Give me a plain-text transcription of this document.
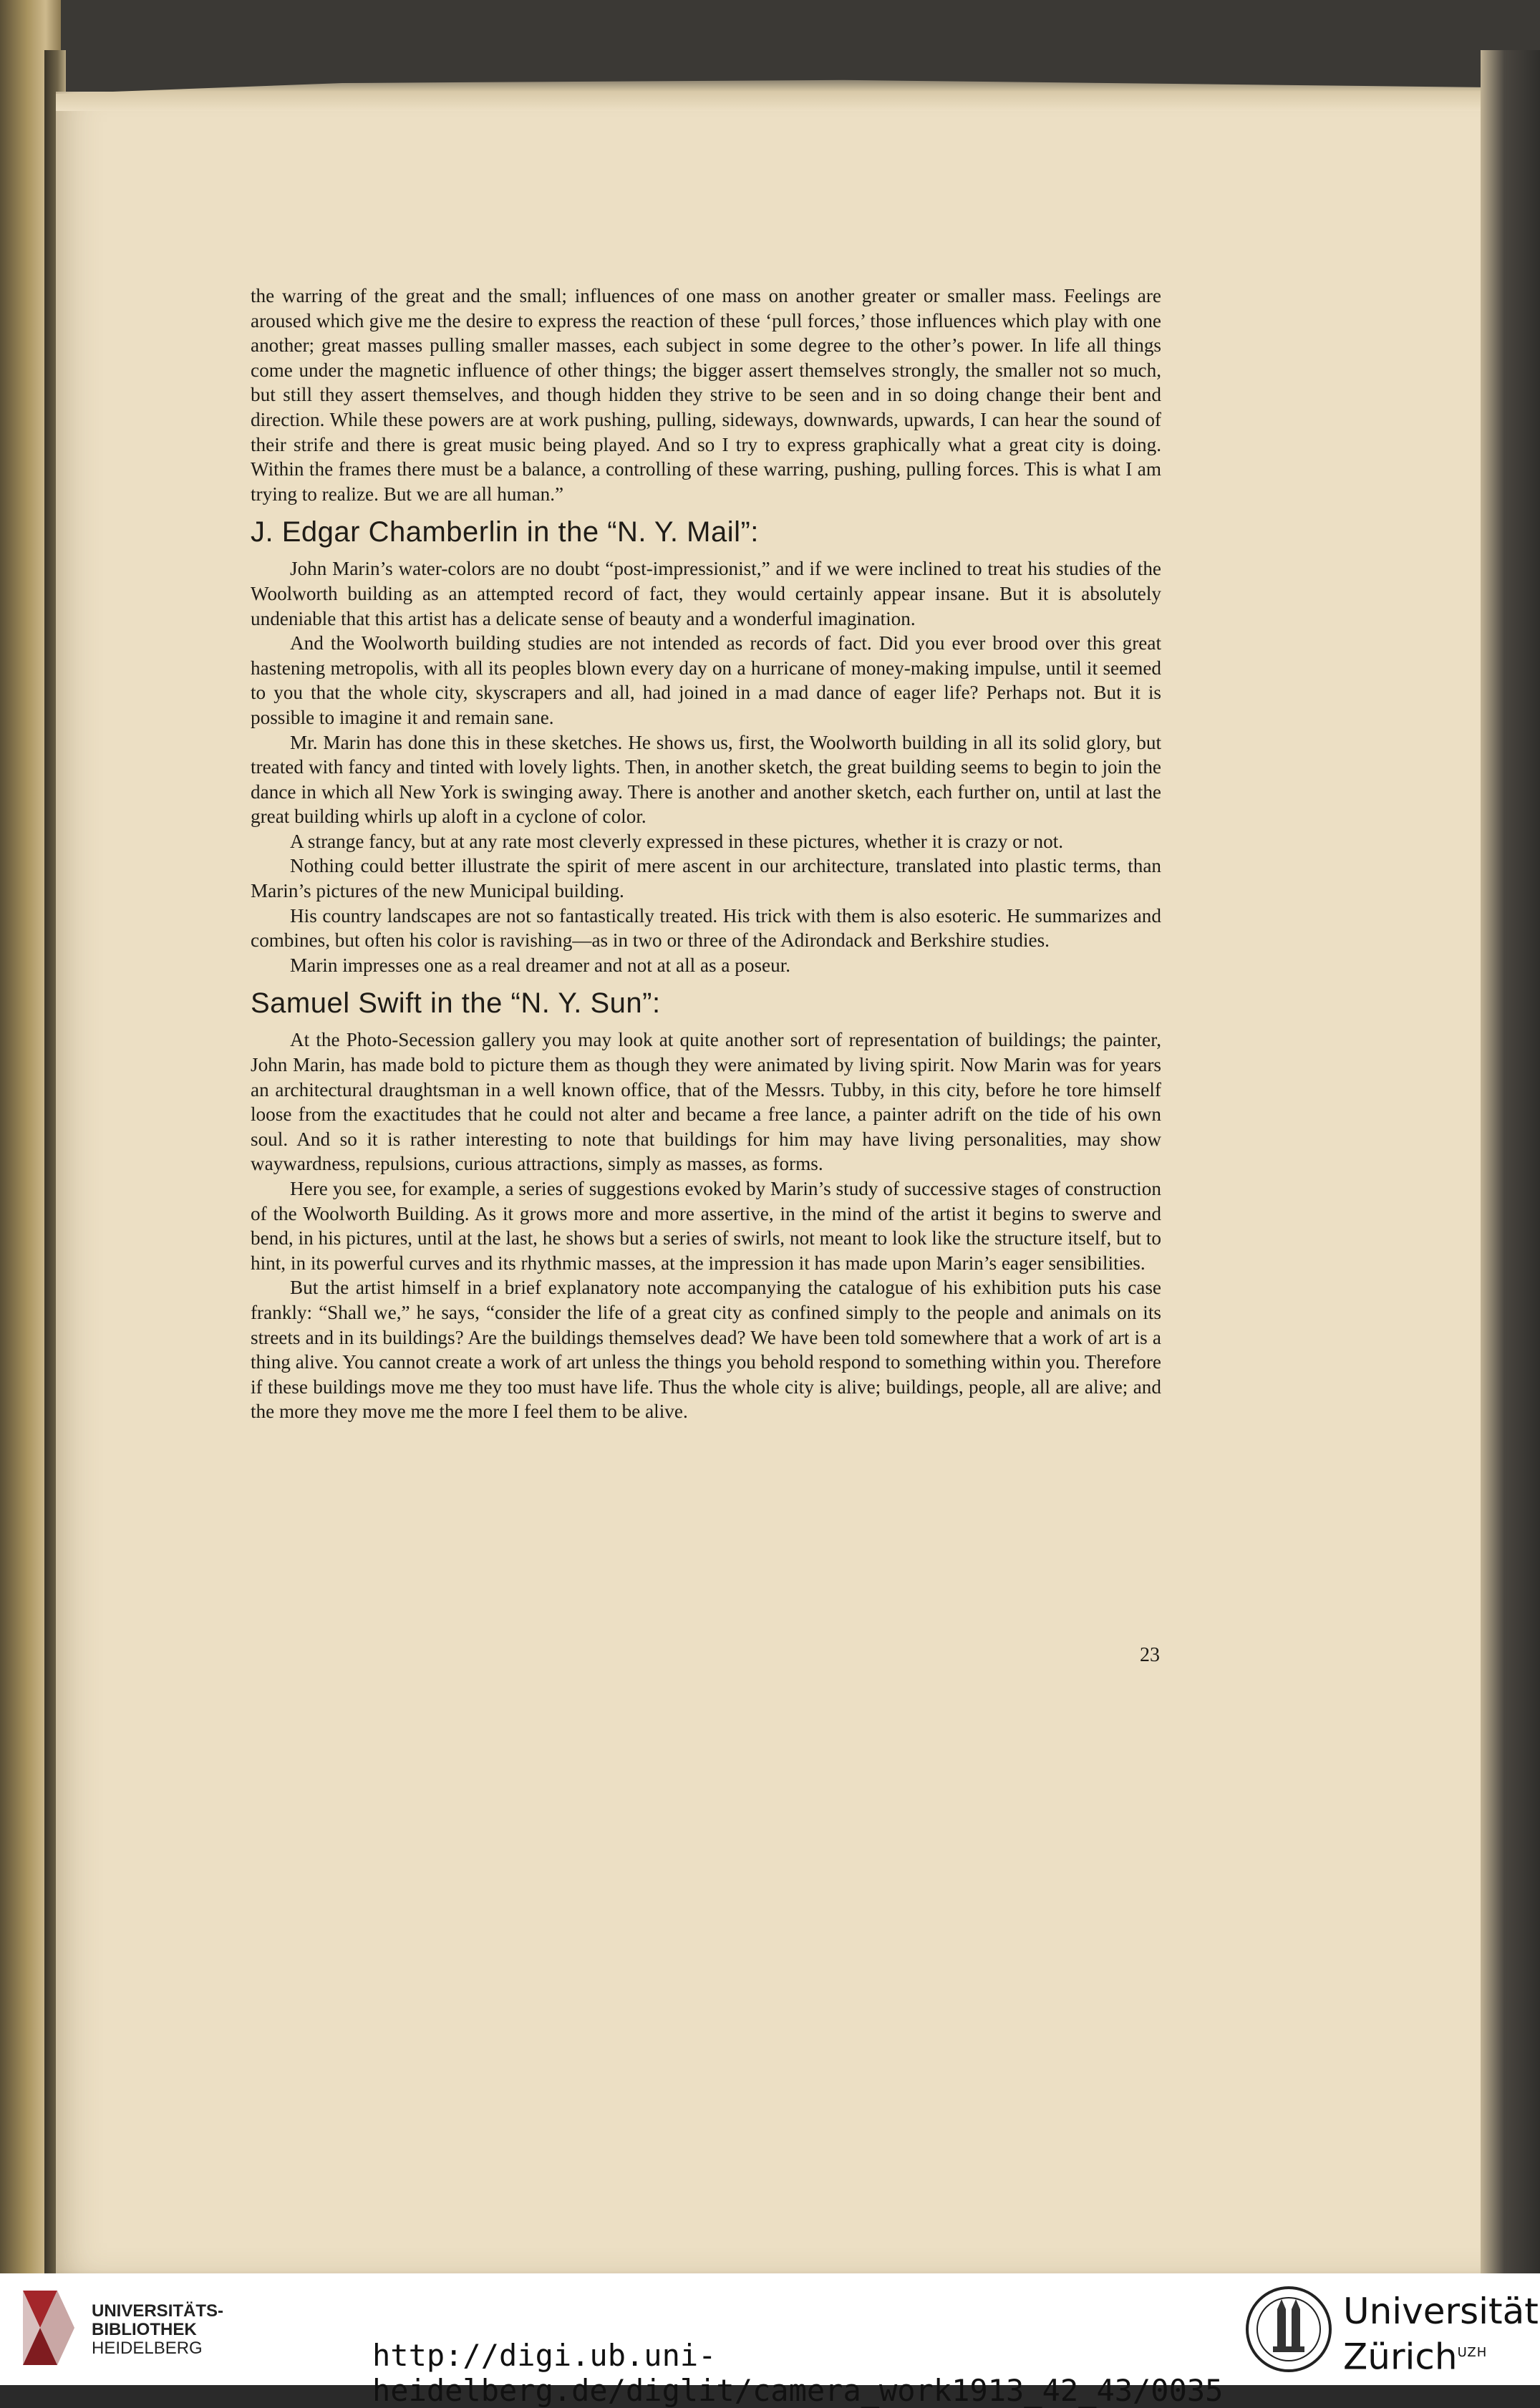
the warring of the great and the small; influences of one mass on another greater or smaller mass. Feelings are aroused which give me the desire to express the reaction of these ‘pull forces,’ those influences which play with one another; great masses pulling smaller masses, each subject in some degree to the other’s power. In life all things come under the magnetic influence of other things; the bigger assert themselves strongly, the smaller not so much, but still they assert themselves, and though hidden they strive to be seen and in so doing change their bent and direction. While these powers are at work pushing, pulling, sideways, downwards, upwards, I can hear the sound of their strife and there is great music being played. And so I try to express graphically what a great city is doing. Within the frames there must be a balance, a controlling of these warring, pushing, pulling forces. This is what I am trying to realize. But we are all human.”

J. Edgar Chamberlin in the “N. Y. Mail”:

John Marin’s water-colors are no doubt “post-impressionist,” and if we were inclined to treat his studies of the Woolworth building as an attempted record of fact, they would certainly appear insane. But it is absolutely undeniable that this artist has a delicate sense of beauty and a wonderful imagination.

And the Woolworth building studies are not intended as records of fact. Did you ever brood over this great hastening metropolis, with all its peoples blown every day on a hurricane of money-making impulse, until it seemed to you that the whole city, skyscrapers and all, had joined in a mad dance of eager life? Perhaps not. But it is possible to imagine it and remain sane.

Mr. Marin has done this in these sketches. He shows us, first, the Woolworth building in all its solid glory, but treated with fancy and tinted with lovely lights. Then, in another sketch, the great building seems to begin to join the dance in which all New York is swinging away. There is another and another sketch, each further on, until at last the great building whirls up aloft in a cyclone of color.

A strange fancy, but at any rate most cleverly expressed in these pictures, whether it is crazy or not.

Nothing could better illustrate the spirit of mere ascent in our architecture, translated into plastic terms, than Marin’s pictures of the new Municipal building.

His country landscapes are not so fantastically treated. His trick with them is also esoteric. He summarizes and combines, but often his color is ravishing—as in two or three of the Adirondack and Berkshire studies.

Marin impresses one as a real dreamer and not at all as a poseur.

Samuel Swift in the “N. Y. Sun”:

At the Photo-Secession gallery you may look at quite another sort of representation of buildings; the painter, John Marin, has made bold to picture them as though they were animated by living spirit. Now Marin was for years an architectural draughtsman in a well known office, that of the Messrs. Tubby, in this city, before he tore himself loose from the exactitudes that he could not alter and became a free lance, a painter adrift on the tide of his own soul. And so it is rather interesting to note that buildings for him may have living personalities, may show waywardness, repulsions, curious attractions, simply as masses, as forms.

Here you see, for example, a series of suggestions evoked by Marin’s study of successive stages of construction of the Woolworth Building. As it grows more and more assertive, in the mind of the artist it begins to swerve and bend, in his pictures, until at the last, he shows but a series of swirls, not meant to look like the structure itself, but to hint, in its powerful curves and its rhythmic masses, at the impression it has made upon Marin’s eager sensibilities.

But the artist himself in a brief explanatory note accompanying the catalogue of his exhibition puts his case frankly: “Shall we,” he says, “consider the life of a great city as confined simply to the people and animals on its streets and in its buildings? Are the buildings themselves dead? We have been told somewhere that a work of art is a thing alive. You cannot create a work of art unless the things you behold respond to something within you. Therefore if these buildings move me they too must have life. Thus the whole city is alive; buildings, people, all are alive; and the more they move me the more I feel them to be alive.

23
UNIVERSITÄTS-
BIBLIOTHEK
HEIDELBERG	http://digi.ub.uni-heidelberg.de/diglit/camera_work1913_42_43/0035
Universität
Zürich$^{UZH}$
